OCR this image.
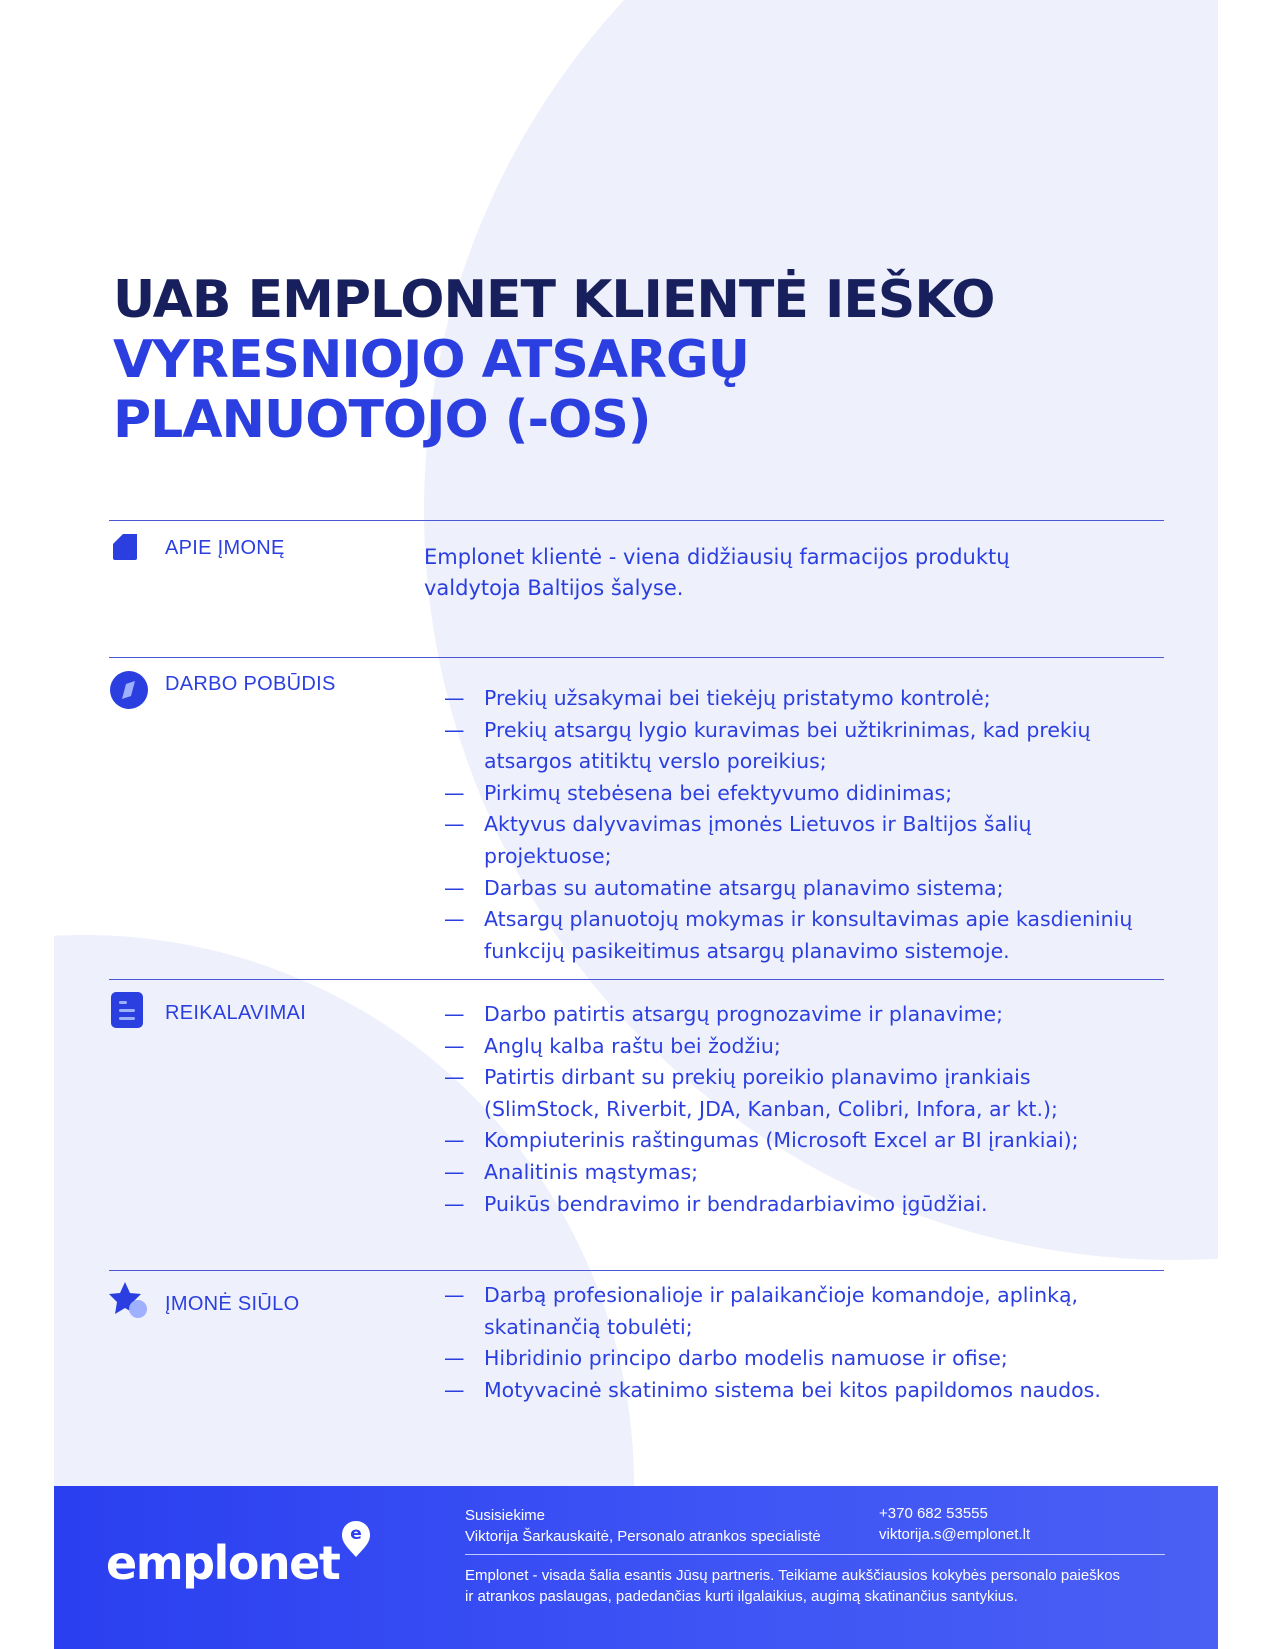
UAB EMPLONET KLIENTĖ IEŠKO
VYRESNIOJO ATSARGŲ
PLANUOTOJO (-OS)
APIE ĮMONĘ	Emplonet klientė - viena didžiausių farmacijos produktų
valdytoja Baltijos šalyse.
DARBO POBŪDIS
— Prekių užsakymai bei tiekėjų pristatymo kontrolė;
— Prekių atsargų lygio kuravimas bei užtikrinimas, kad prekių
atsargos atitiktų verslo poreikius;
— Pirkimų stebėsena bei efektyvumo didinimas;
— Aktyvus dalyvavimas įmonės Lietuvos ir Baltijos šalių
projektuose;
— Darbas su automatine atsargų planavimo sistema;
— Atsargų planuotojų mokymas ir konsultavimas apie kasdieninių
funkcijų pasikeitimus atsargų planavimo sistemoje.
REIKALAVIMAI	— Darbo patirtis atsargų prognozavime ir planavime;
— Anglų kalba raštu bei žodžiu;
— Patirtis dirbant su prekių poreikio planavimo įrankiais
(SlimStock, Riverbit, JDA, Kanban, Colibri, Infora, ar kt.);
— Kompiuterinis raštingumas (Microsoft Excel ar BI įrankiai);
— Analitinis mąstymas;
— Puikūs bendravimo ir bendradarbiavimo įgūdžiai.
ĮMONĖ SIŪLO	— Darbą profesionalioje ir palaikančioje komandoje, aplinką,
skatinančią tobulėti;
— Hibridinio principo darbo modelis namuose ir ofise;
— Motyvacinė skatinimo sistema bei kitos papildomos naudos.
emplonet
e
Susisiekime
Viktorija Šarkauskaitė, Personalo atrankos specialistė
+370 682 53555
viktorija.s@emplonet.lt
Emplonet - visada šalia esantis Jūsų partneris. Teikiame aukščiausios kokybės personalo paieškos
ir atrankos paslaugas, padedančias kurti ilgalaikius, augimą skatinančius santykius.
